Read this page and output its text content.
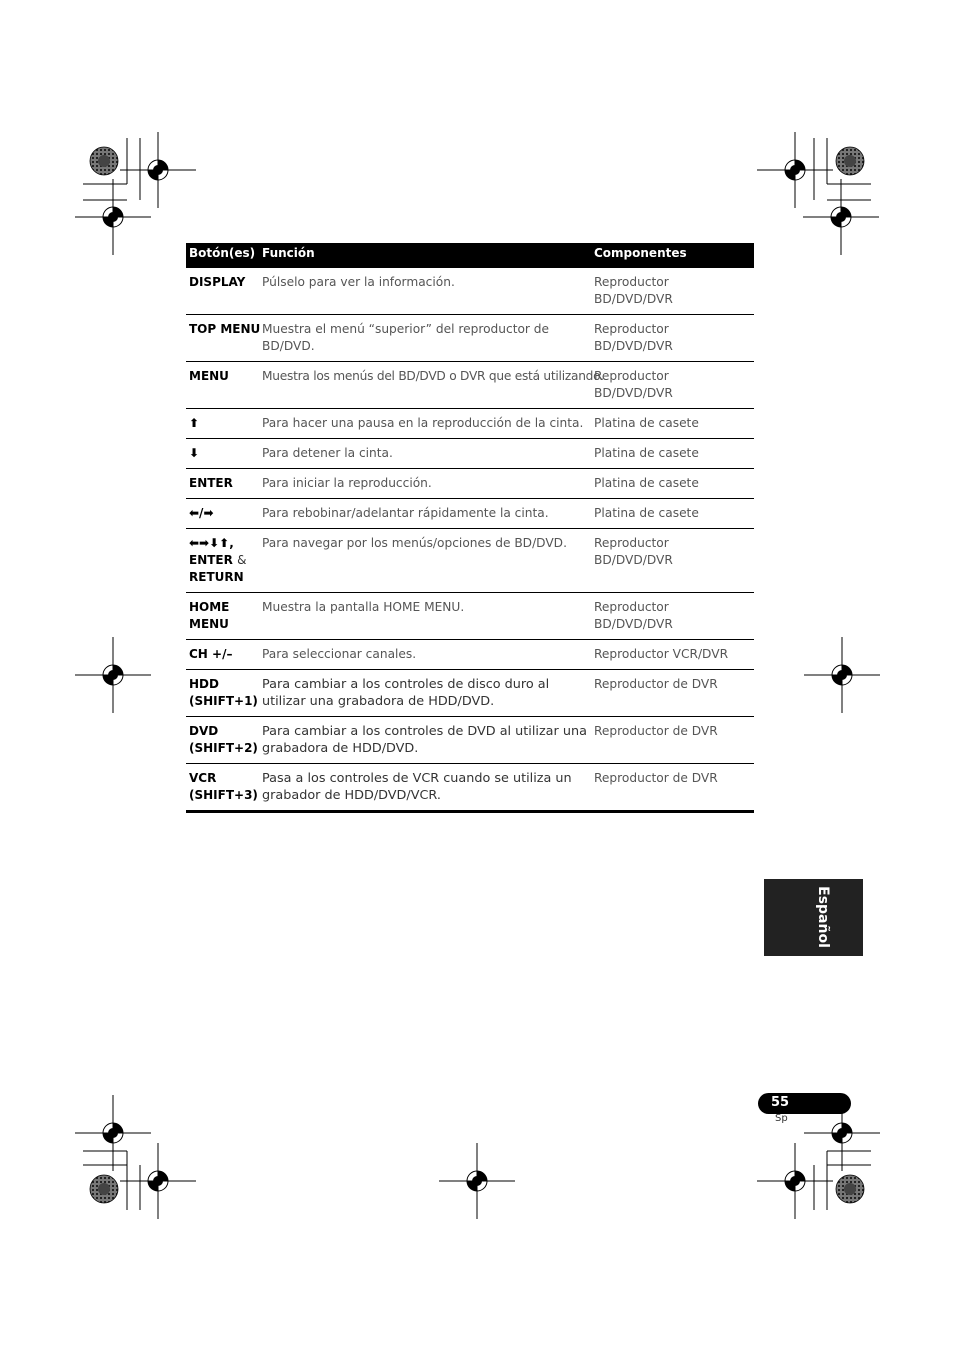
Botón(es)	Función	Componentes
DISPLAY	Púlselo para ver la información.	Reproductor BD/DVD/DVR
TOP MENU	Muestra el menú “superior” del reproductor de BD/DVD.	Reproductor BD/DVD/DVR
MENU	Muestra los menús del BD/DVD o DVR que está utilizando.	Reproductor BD/DVD/DVR
⬆	Para hacer una pausa en la reproducción de la cinta.	Platina de casete
⬇	Para detener la cinta.	Platina de casete
ENTER	Para iniciar la reproducción.	Platina de casete
⬅/➡	Para rebobinar/adelantar rápidamente la cinta.	Platina de casete

⬅➡⬇⬆,
ENTER &
RETURN	Para navegar por los menús/opciones de BD/DVD.	Reproductor BD/DVD/DVR

HOME
MENU	Muestra la pantalla HOME MENU.	Reproductor BD/DVD/DVR
CH +/–	Para seleccionar canales.	Reproductor VCR/DVR

HDD
(SHIFT+1)	Para cambiar a los controles de disco duro al utilizar una grabadora de HDD/DVD.	Reproductor de DVR

DVD
(SHIFT+2)	Para cambiar a los controles de DVD al utilizar una grabadora de HDD/DVD.	Reproductor de DVR

VCR
(SHIFT+3)	Pasa a los controles de VCR cuando se utiliza un grabador de HDD/DVD/VCR.	Reproductor de DVR
Español
55
Sp
